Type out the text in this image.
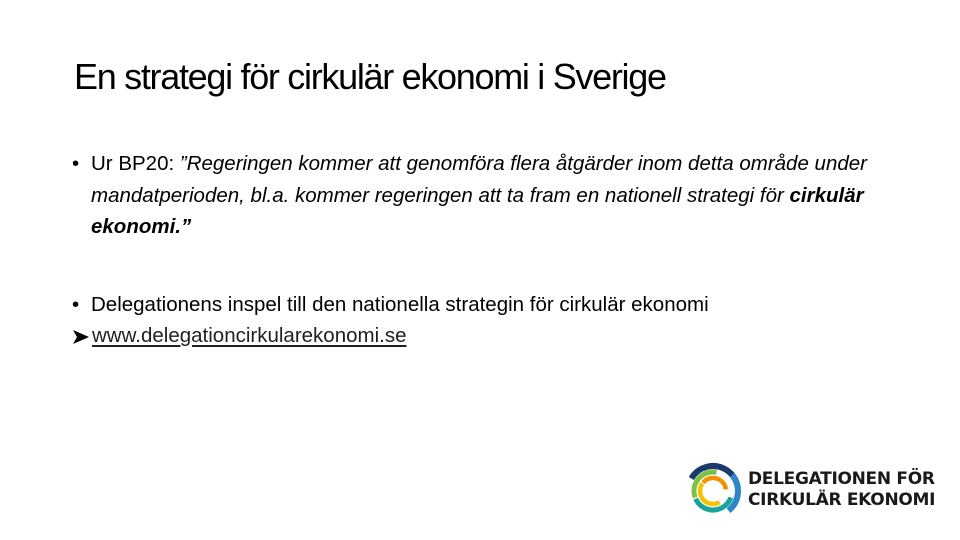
En strategi för cirkulär ekonomi i Sverige
• Ur BP20: ”Regeringen kommer att genomföra flera åtgärder inom detta område under mandatperioden, bl.a. kommer regeringen att ta fram en nationell strategi för cirkulär ekonomi.”
• Delegationens inspel till den nationella strategin för cirkulär ekonomi
www.delegationcirkularekonomi.se
DELEGATIONEN FÖR
CIRKULÄR EKONOMI
